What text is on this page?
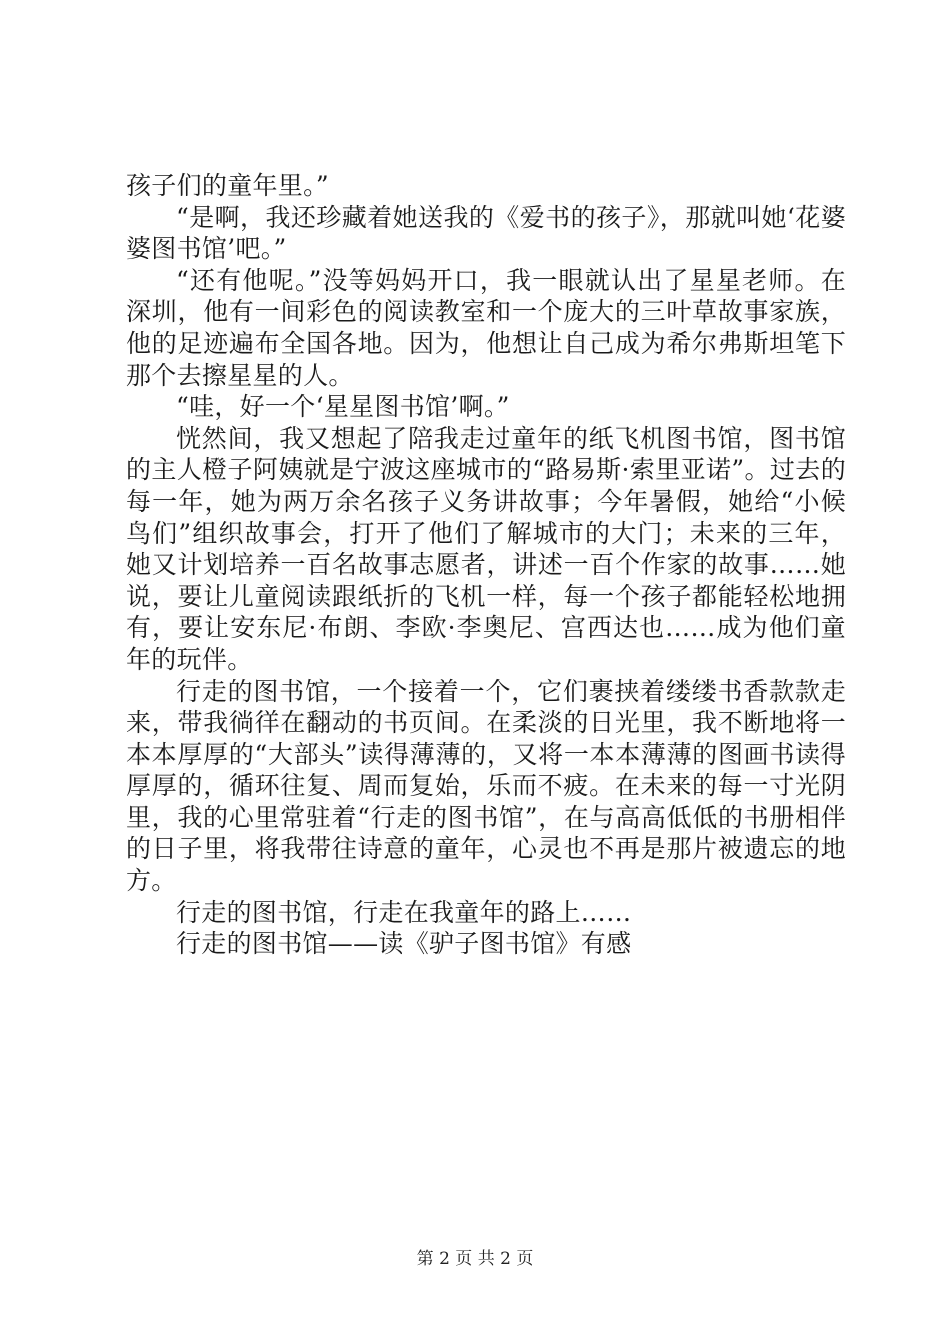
孩子们的童年里。”

“是啊，我还珍藏着她送我的《爱书的孩子》，那就叫她‘花婆婆图书馆’吧。”

“还有他呢。”没等妈妈开口，我一眼就认出了星星老师。在深圳，他有一间彩色的阅读教室和一个庞大的三叶草故事家族，他的足迹遍布全国各地。因为，他想让自己成为希尔弗斯坦笔下那个去擦星星的人。

“哇，好一个‘星星图书馆’啊。”

恍然间，我又想起了陪我走过童年的纸飞机图书馆，图书馆的主人橙子阿姨就是宁波这座城市的“路易斯·索里亚诺”。过去的每一年，她为两万余名孩子义务讲故事；今年暑假，她给“小候鸟们”组织故事会，打开了他们了解城市的大门；未来的三年，她又计划培养一百名故事志愿者，讲述一百个作家的故事……她说，要让儿童阅读跟纸折的飞机一样，每一个孩子都能轻松地拥有，要让安东尼·布朗、李欧·李奥尼、宫西达也……成为他们童年的玩伴。

行走的图书馆，一个接着一个，它们裹挟着缕缕书香款款走来，带我徜徉在翻动的书页间。在柔淡的日光里，我不断地将一本本厚厚的“大部头”读得薄薄的，又将一本本薄薄的图画书读得厚厚的，循环往复、周而复始，乐而不疲。在未来的每一寸光阴里，我的心里常驻着“行走的图书馆”，在与高高低低的书册相伴的日子里，将我带往诗意的童年，心灵也不再是那片被遗忘的地方。

行走的图书馆，行走在我童年的路上……

行走的图书馆——读《驴子图书馆》有感

第 2 页 共 2 页
